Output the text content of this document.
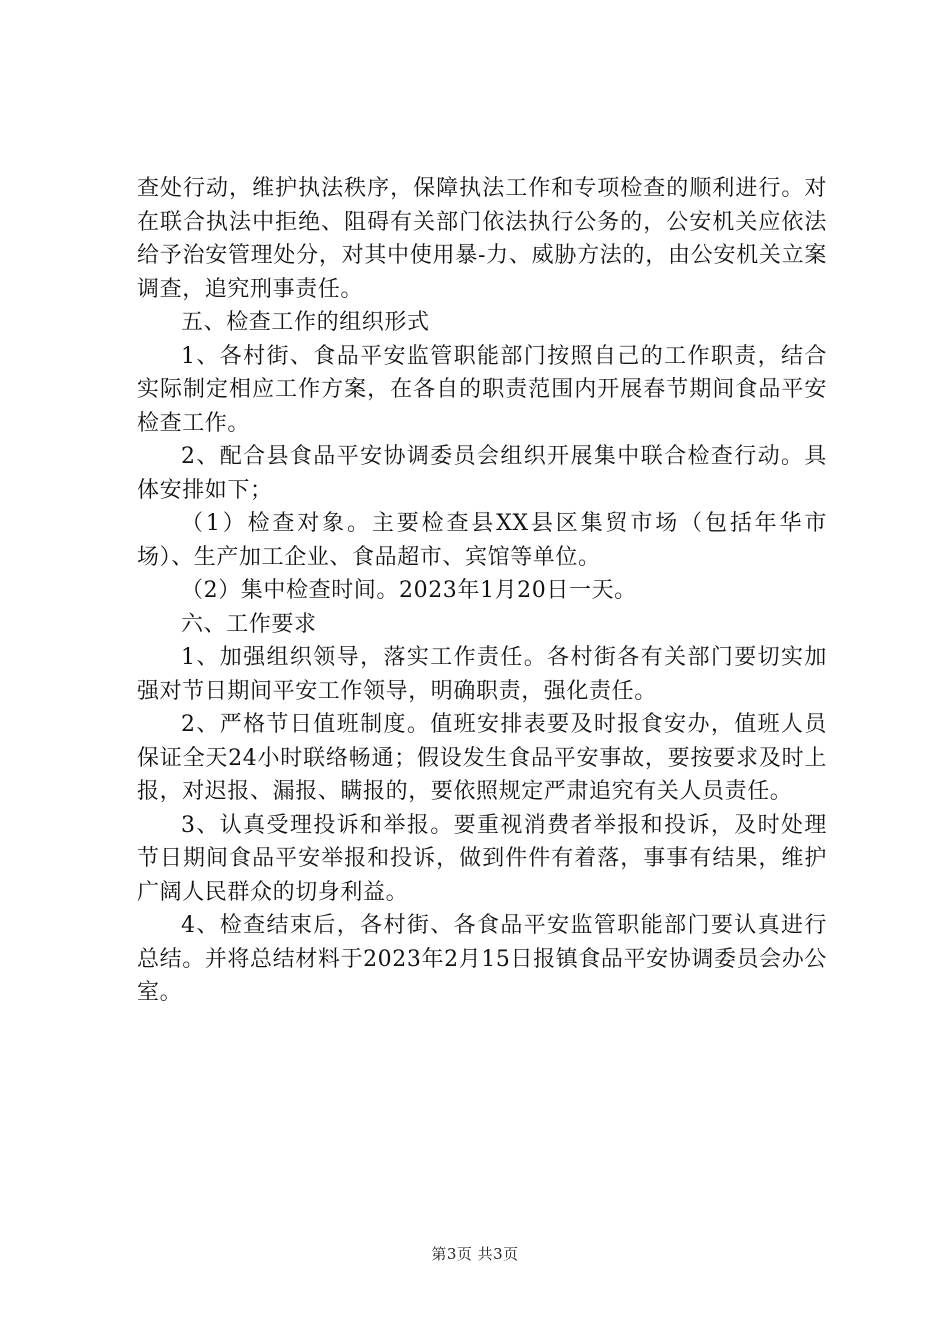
查处行动，维护执法秩序，保障执法工作和专项检查的顺利进行。对在联合执法中拒绝、阻碍有关部门依法执行公务的，公安机关应依法给予治安管理处分，对其中使用暴-力、威胁方法的，由公安机关立案调查，追究刑事责任。

五、检查工作的组织形式

1、各村街、食品平安监管职能部门按照自己的工作职责，结合实际制定相应工作方案，在各自的职责范围内开展春节期间食品平安检查工作。

2、配合县食品平安协调委员会组织开展集中联合检查行动。具体安排如下；

（1）检查对象。主要检查县XX县区集贸市场（包括年华市场）、生产加工企业、食品超市、宾馆等单位。

（2）集中检查时间。2023年1月20日一天。

六、工作要求

1、加强组织领导，落实工作责任。各村街各有关部门要切实加强对节日期间平安工作领导，明确职责，强化责任。

2、严格节日值班制度。值班安排表要及时报食安办，值班人员保证全天24小时联络畅通；假设发生食品平安事故，要按要求及时上报，对迟报、漏报、瞒报的，要依照规定严肃追究有关人员责任。

3、认真受理投诉和举报。要重视消费者举报和投诉，及时处理节日期间食品平安举报和投诉，做到件件有着落，事事有结果，维护广阔人民群众的切身利益。

4、检查结束后，各村街、各食品平安监管职能部门要认真进行总结。并将总结材料于2023年2月15日报镇食品平安协调委员会办公室。

第3页 共3页
